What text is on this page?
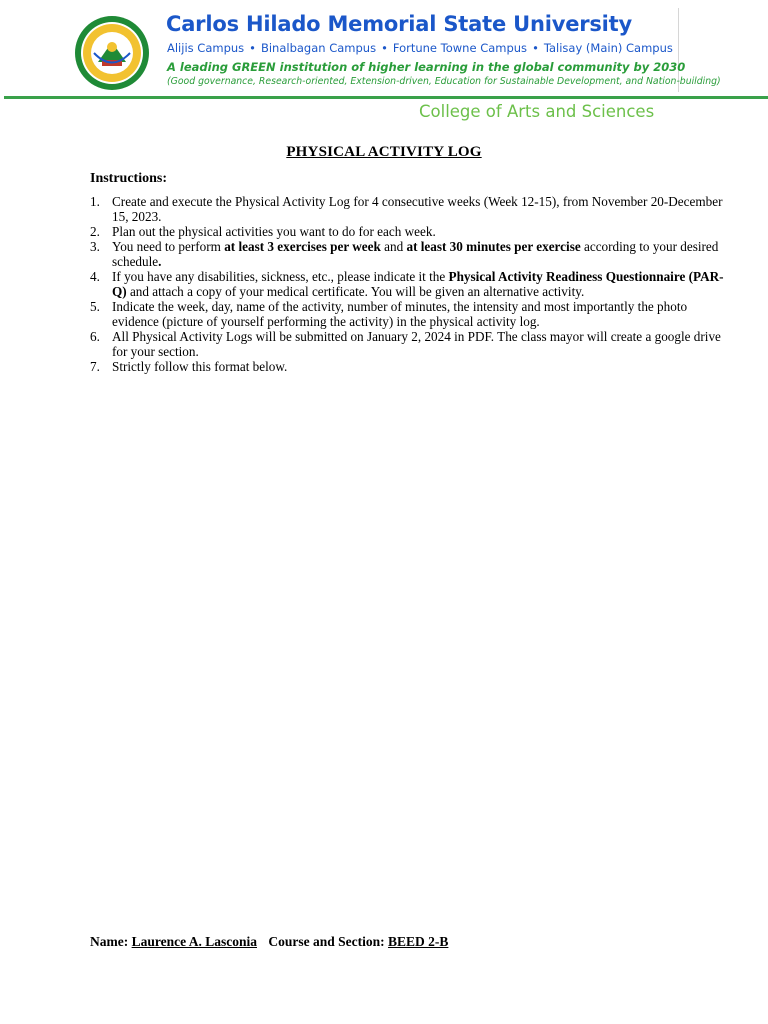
Carlos Hilado Memorial State University
Alijis Campus • Binalbagan Campus • Fortune Towne Campus • Talisay (Main) Campus
A leading GREEN institution of higher learning in the global community by 2030
(Good governance, Research-oriented, Extension-driven, Education for Sustainable Development, and Nation-building)
College of Arts and Sciences
PHYSICAL ACTIVITY LOG
Instructions:
1. Create and execute the Physical Activity Log for 4 consecutive weeks (Week 12-15), from November 20-December 15, 2023.
2. Plan out the physical activities you want to do for each week.
3. You need to perform at least 3 exercises per week and at least 30 minutes per exercise according to your desired schedule.
4. If you have any disabilities, sickness, etc., please indicate it the Physical Activity Readiness Questionnaire (PAR-Q) and attach a copy of your medical certificate. You will be given an alternative activity.
5. Indicate the week, day, name of the activity, number of minutes, the intensity and most importantly the photo evidence (picture of yourself performing the activity) in the physical activity log.
6. All Physical Activity Logs will be submitted on January 2, 2024 in PDF. The class mayor will create a google drive for your section.
7. Strictly follow this format below.
Name: Laurence A. Lasconia Course and Section: BEED 2-B
